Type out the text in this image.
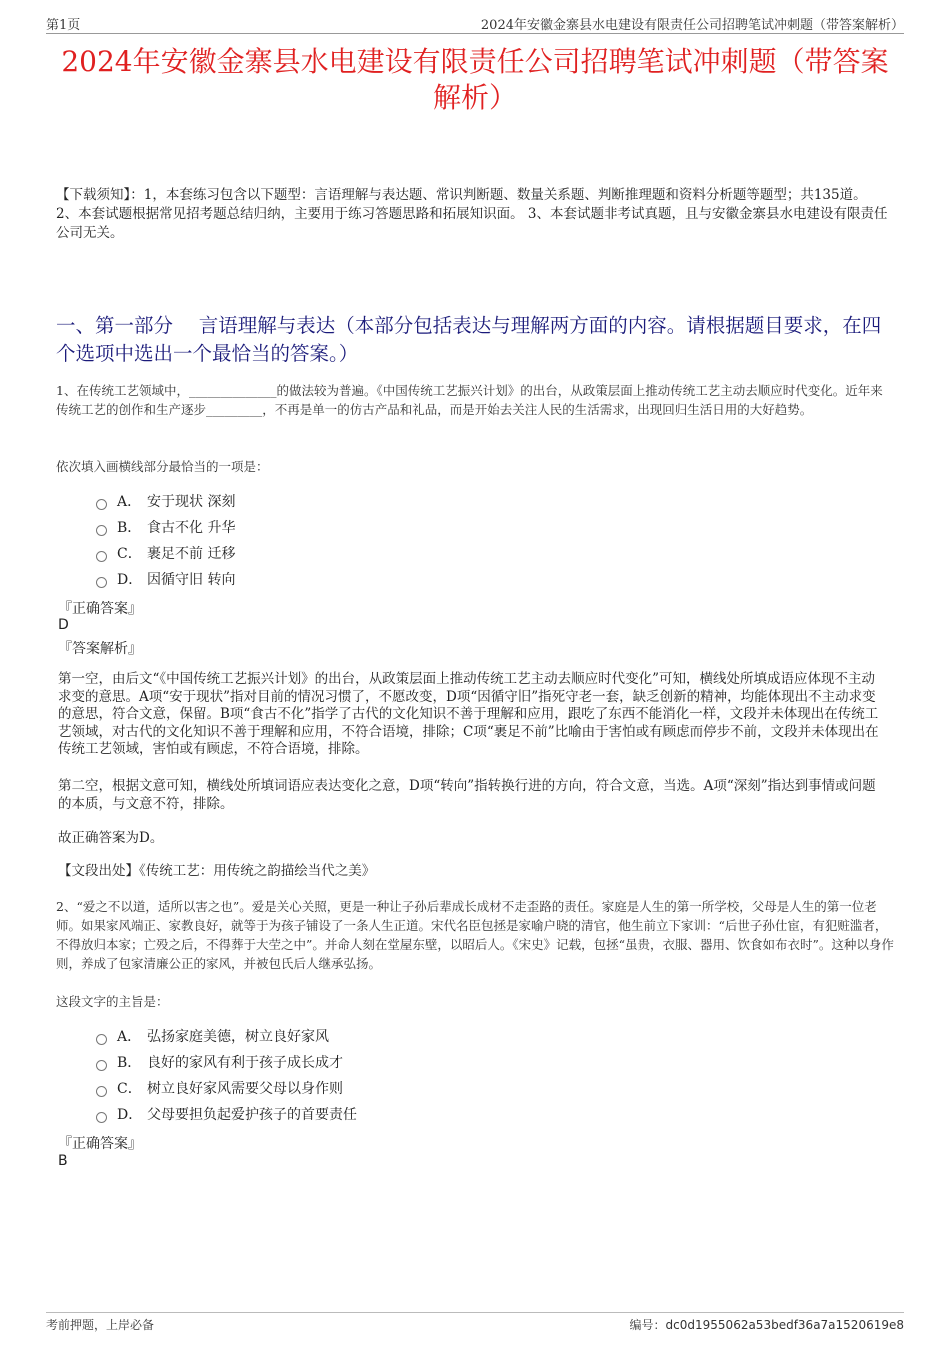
第1页	2024年安徽金寨县水电建设有限责任公司招聘笔试冲刺题（带答案解析）
2024年安徽金寨县水电建设有限责任公司招聘笔试冲刺题（带答案解析）
【下载须知】：1，本套练习包含以下题型：言语理解与表达题、常识判断题、数量关系题、判断推理题和资料分析题等题型；共135道。 2、本套试题根据常见招考题总结归纳，主要用于练习答题思路和拓展知识面。 3、本套试题非考试真题，且与安徽金寨县水电建设有限责任公司无关。
一、第一部分　 言语理解与表达（本部分包括表达与理解两方面的内容。请根据题目要求，在四个选项中选出一个最恰当的答案。）
1、在传统工艺领域中，______________的做法较为普遍。《中国传统工艺振兴计划》的出台，从政策层面上推动传统工艺主动去顺应时代变化。近年来传统工艺的创作和生产逐步_________，不再是单一的仿古产品和礼品，而是开始去关注人民的生活需求，出现回归生活日用的大好趋势。
依次填入画横线部分最恰当的一项是：
A． 安于现状 深刻
B． 食古不化 升华
C． 裹足不前 迁移
D． 因循守旧 转向
『正确答案』
D
『答案解析』
第一空，由后文“《中国传统工艺振兴计划》的出台，从政策层面上推动传统工艺主动去顺应时代变化”可知，横线处所填成语应体现不主动求变的意思。A项“安于现状”指对目前的情况习惯了，不愿改变，D项“因循守旧”指死守老一套，缺乏创新的精神，均能体现出不主动求变的意思，符合文意，保留。B项“食古不化”指学了古代的文化知识不善于理解和应用，跟吃了东西不能消化一样，文段并未体现出在传统工艺领域，对古代的文化知识不善于理解和应用，不符合语境，排除；C项“裹足不前”比喻由于害怕或有顾虑而停步不前，文段并未体现出在传统工艺领域，害怕或有顾虑，不符合语境，排除。
第二空，根据文意可知，横线处所填词语应表达变化之意，D项“转向”指转换行进的方向，符合文意，当选。A项“深刻”指达到事情或问题的本质，与文意不符，排除。
故正确答案为D。
【文段出处】《传统工艺：用传统之韵描绘当代之美》
2、“爱之不以道，适所以害之也”。爱是关心关照，更是一种让子孙后辈成长成材不走歪路的责任。家庭是人生的第一所学校，父母是人生的第一位老师。如果家风端正、家教良好，就等于为孩子铺设了一条人生正道。宋代名臣包拯是家喻户晓的清官，他生前立下家训：“后世子孙仕宦，有犯赃滥者，不得放归本家；亡殁之后，不得葬于大茔之中”。并命人刻在堂屋东壁，以昭后人。《宋史》记载，包拯“虽贵，衣服、器用、饮食如布衣时”。这种以身作则，养成了包家清廉公正的家风，并被包氏后人继承弘扬。
这段文字的主旨是：
A． 弘扬家庭美德，树立良好家风
B． 良好的家风有利于孩子成长成才
C． 树立良好家风需要父母以身作则
D． 父母要担负起爱护孩子的首要责任
『正确答案』
B
考前押题，上岸必备	编号：dc0d1955062a53bedf36a7a1520619e8
